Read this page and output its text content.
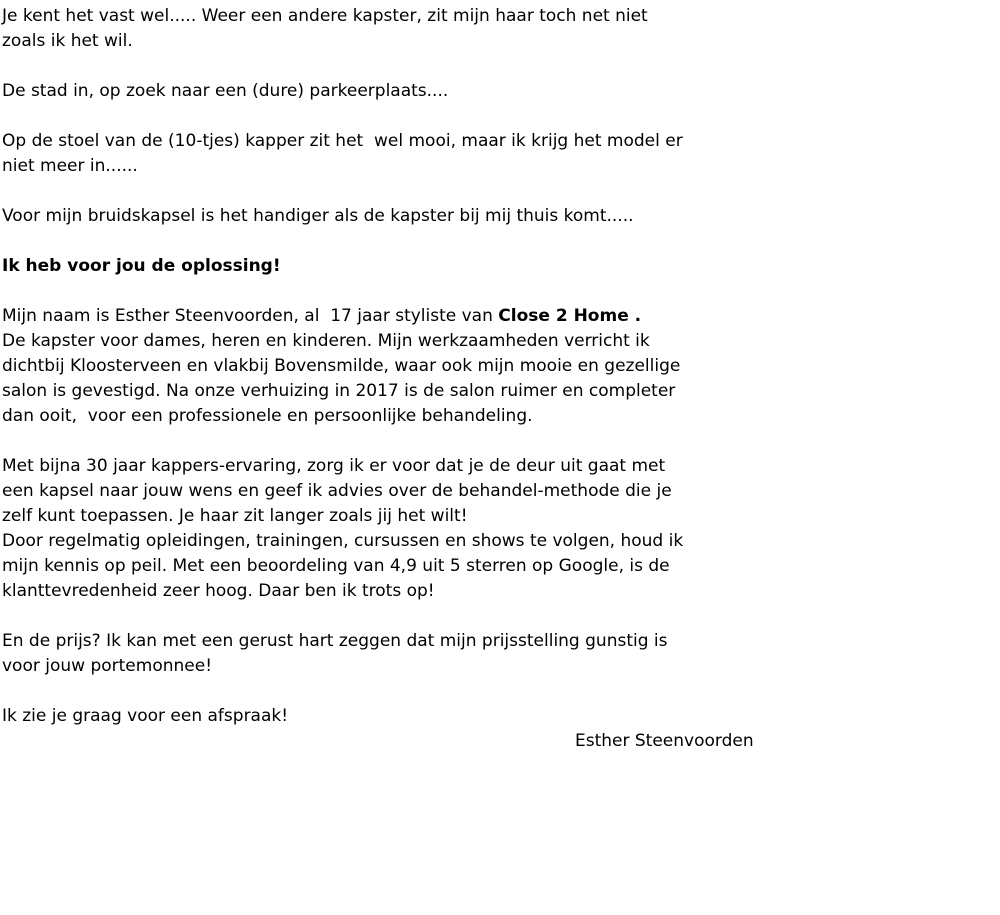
Je kent het vast wel..... Weer een andere kapster, zit mijn haar toch net niet
zoals ik het wil.
De stad in, op zoek naar een (dure) parkeerplaats....
Op de stoel van de (10-tjes) kapper zit het  wel mooi, maar ik krijg het model er
niet meer in......
Voor mijn bruidskapsel is het handiger als de kapster bij mij thuis komt.....
Ik heb voor jou de oplossing!
Mijn naam is Esther Steenvoorden, al  17 jaar styliste van Close 2 Home .
De kapster voor dames, heren en kinderen. Mijn werkzaamheden verricht ik
dichtbij Kloosterveen en vlakbij Bovensmilde, waar ook mijn mooie en gezellige
salon is gevestigd. Na onze verhuizing in 2017 is de salon ruimer en completer
dan ooit,  voor een professionele en persoonlijke behandeling.
Met bijna 30 jaar kappers-ervaring, zorg ik er voor dat je de deur uit gaat met
een kapsel naar jouw wens en geef ik advies over de behandel-methode die je
zelf kunt toepassen. Je haar zit langer zoals jij het wilt!
Door regelmatig opleidingen, trainingen, cursussen en shows te volgen, houd ik
mijn kennis op peil. Met een beoordeling van 4,9 uit 5 sterren op Google, is de
klanttevredenheid zeer hoog. Daar ben ik trots op!
En de prijs? Ik kan met een gerust hart zeggen dat mijn prijsstelling gunstig is
voor jouw portemonnee!
Ik zie je graag voor een afspraak!
Esther Steenvoorden
